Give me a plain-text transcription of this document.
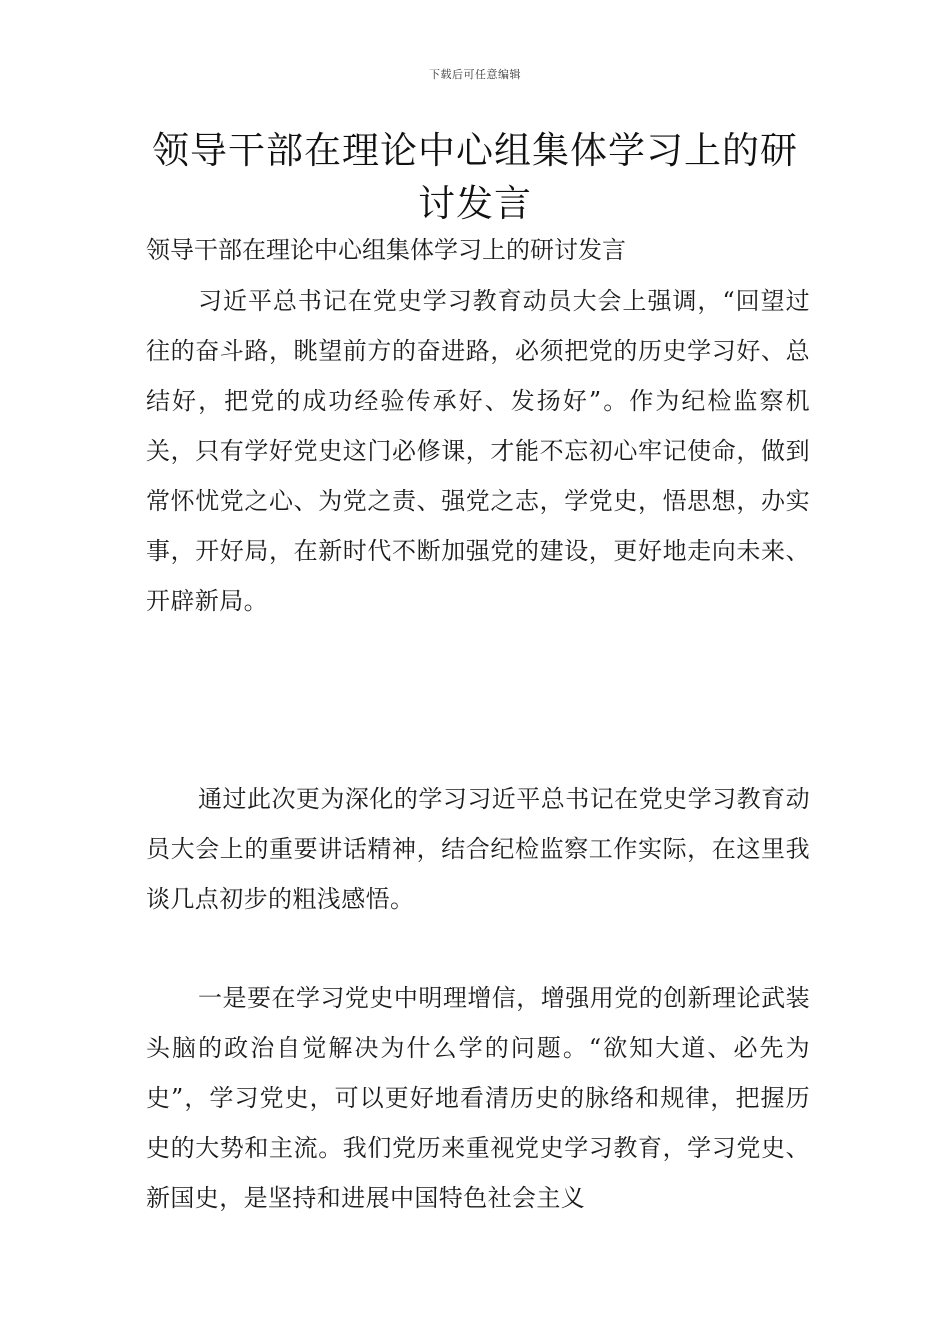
下载后可任意编辑
领导干部在理论中心组集体学习上的研讨发言
领导干部在理论中心组集体学习上的研讨发言

习近平总书记在党史学习教育动员大会上强调，“回望过往的奋斗路，眺望前方的奋进路，必须把党的历史学习好、总结好，把党的成功经验传承好、发扬好”。作为纪检监察机关，只有学好党史这门必修课，才能不忘初心牢记使命，做到常怀忧党之心、为党之责、强党之志，学党史，悟思想，办实事，开好局，在新时代不断加强党的建设，更好地走向未来、开辟新局。

通过此次更为深化的学习习近平总书记在党史学习教育动员大会上的重要讲话精神，结合纪检监察工作实际，在这里我谈几点初步的粗浅感悟。

一是要在学习党史中明理增信，增强用党的创新理论武装头脑的政治自觉解决为什么学的问题。“欲知大道、必先为史”，学习党史，可以更好地看清历史的脉络和规律，把握历史的大势和主流。我们党历来重视党史学习教育，学习党史、新国史，是坚持和进展中国特色社会主义
